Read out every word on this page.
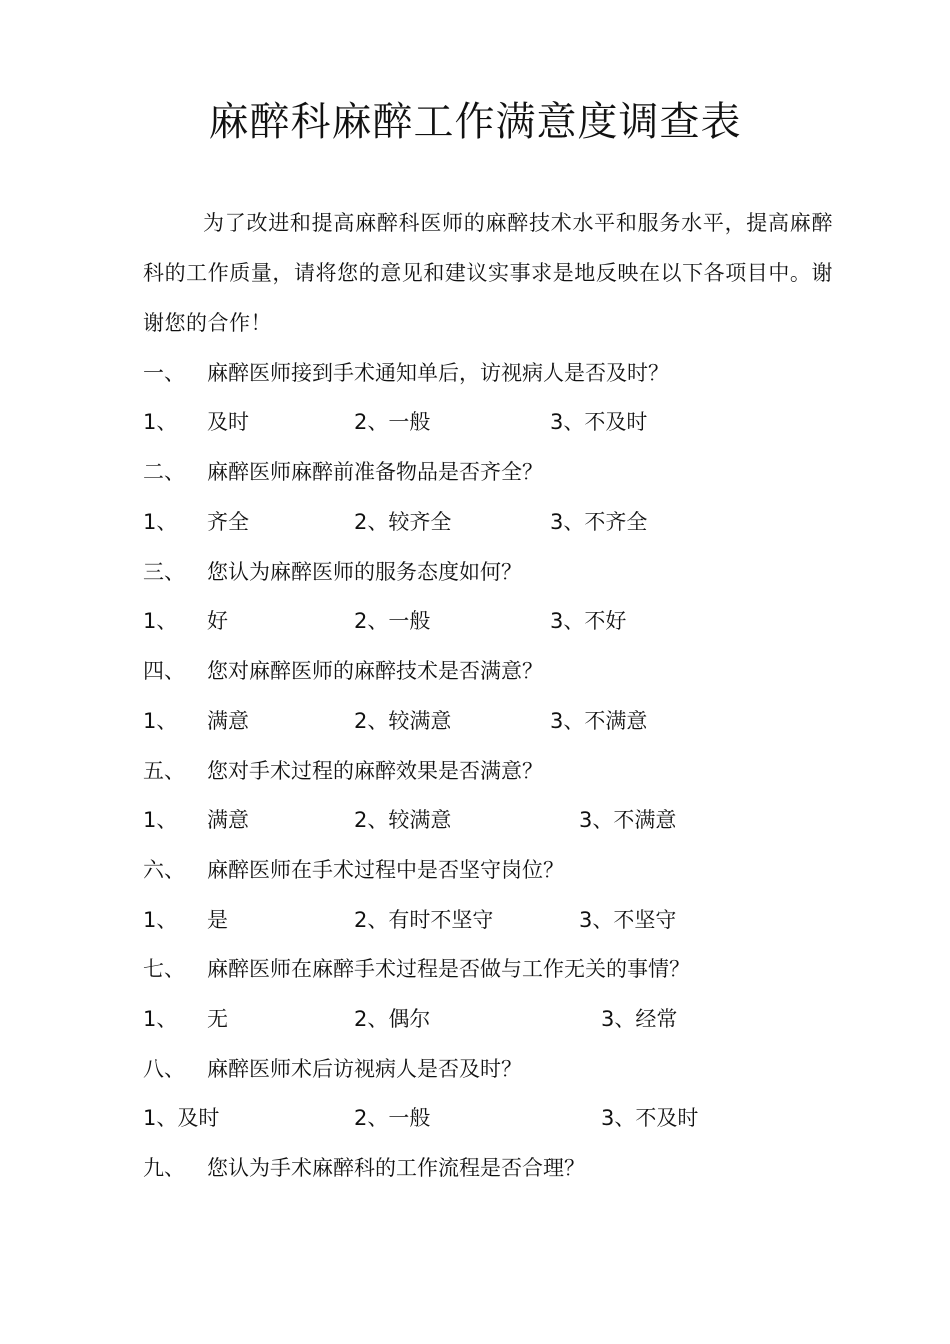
麻醉科麻醉工作满意度调查表
为了改进和提高麻醉科医师的麻醉技术水平和服务水平，提高麻醉科的工作质量，请将您的意见和建议实事求是地反映在以下各项目中。谢谢您的合作！
一、 麻醉医师接到手术通知单后，访视病人是否及时？
1、 及时	2、一般	3、不及时
二、 麻醉医师麻醉前准备物品是否齐全？
1、 齐全	2、较齐全	3、不齐全
三、 您认为麻醉医师的服务态度如何？
1、 好	2、一般	3、不好
四、 您对麻醉医师的麻醉技术是否满意？
1、 满意	2、较满意	3、不满意
五、 您对手术过程的麻醉效果是否满意？
1、 满意	2、较满意	3、不满意
六、 麻醉医师在手术过程中是否坚守岗位？
1、 是	2、有时不坚守	3、不坚守
七、 麻醉医师在麻醉手术过程是否做与工作无关的事情？
1、 无	2、偶尔	3、经常
八、 麻醉医师术后访视病人是否及时？
1、及时	2、一般	3、不及时
九、 您认为手术麻醉科的工作流程是否合理？
